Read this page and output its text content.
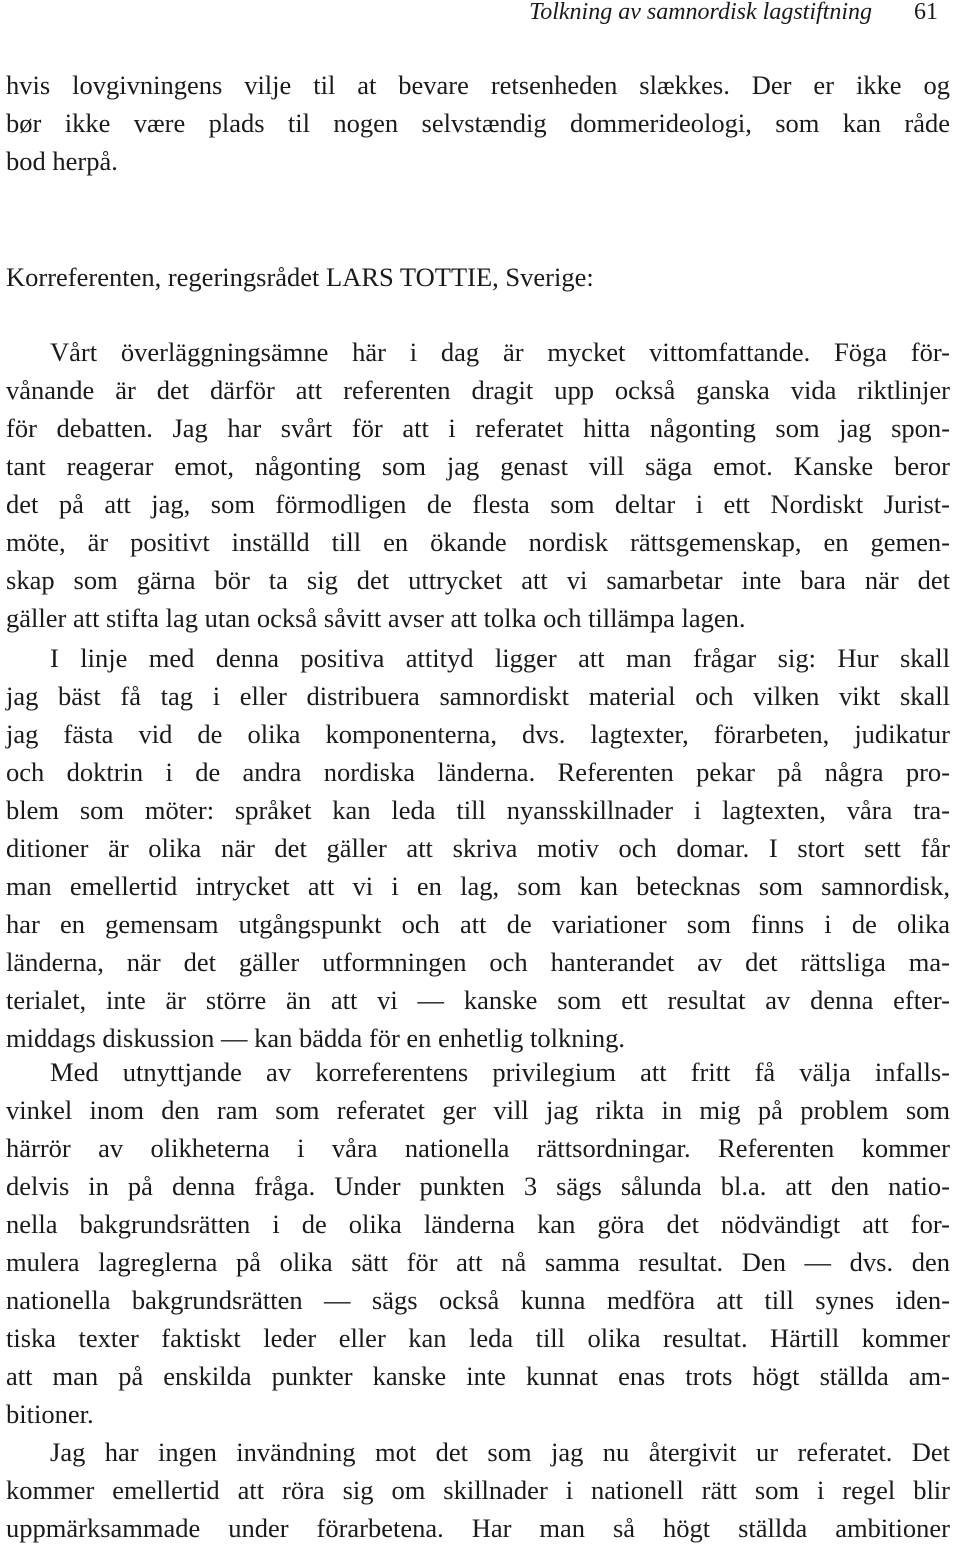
Tolkning av samnordisk lagstiftning 61
hvis lovgivningens vilje til at bevare retsenheden slækkes. Der er ikke og
bør ikke være plads til nogen selvstændig dommerideologi, som kan råde
bod herpå.
Korreferenten, regeringsrådet LARS TOTTIE, Sverige:
Vårt överläggningsämne här i dag är mycket vittomfattande. Föga för-
vånande är det därför att referenten dragit upp också ganska vida riktlinjer
för debatten. Jag har svårt för att i referatet hitta någonting som jag spon-
tant reagerar emot, någonting som jag genast vill säga emot. Kanske beror
det på att jag, som förmodligen de flesta som deltar i ett Nordiskt Jurist-
möte, är positivt inställd till en ökande nordisk rättsgemenskap, en gemen-
skap som gärna bör ta sig det uttrycket att vi samarbetar inte bara när det
gäller att stifta lag utan också såvitt avser att tolka och tillämpa lagen.
I linje med denna positiva attityd ligger att man frågar sig: Hur skall
jag bäst få tag i eller distribuera samnordiskt material och vilken vikt skall
jag fästa vid de olika komponenterna, dvs. lagtexter, förarbeten, judikatur
och doktrin i de andra nordiska länderna. Referenten pekar på några pro-
blem som möter: språket kan leda till nyansskillnader i lagtexten, våra tra-
ditioner är olika när det gäller att skriva motiv och domar. I stort sett får
man emellertid intrycket att vi i en lag, som kan betecknas som samnordisk,
har en gemensam utgångspunkt och att de variationer som finns i de olika
länderna, när det gäller utformningen och hanterandet av det rättsliga ma-
terialet, inte är större än att vi — kanske som ett resultat av denna efter-
middags diskussion — kan bädda för en enhetlig tolkning.
Med utnyttjande av korreferentens privilegium att fritt få välja infalls-
vinkel inom den ram som referatet ger vill jag rikta in mig på problem som
härrör av olikheterna i våra nationella rättsordningar. Referenten kommer
delvis in på denna fråga. Under punkten 3 sägs sålunda bl.a. att den natio-
nella bakgrundsrätten i de olika länderna kan göra det nödvändigt att for-
mulera lagreglerna på olika sätt för att nå samma resultat. Den — dvs. den
nationella bakgrundsrätten — sägs också kunna medföra att till synes iden-
tiska texter faktiskt leder eller kan leda till olika resultat. Härtill kommer
att man på enskilda punkter kanske inte kunnat enas trots högt ställda am-
bitioner.
Jag har ingen invändning mot det som jag nu återgivit ur referatet. Det
kommer emellertid att röra sig om skillnader i nationell rätt som i regel blir
uppmärksammade under förarbetena. Har man så högt ställda ambitioner
